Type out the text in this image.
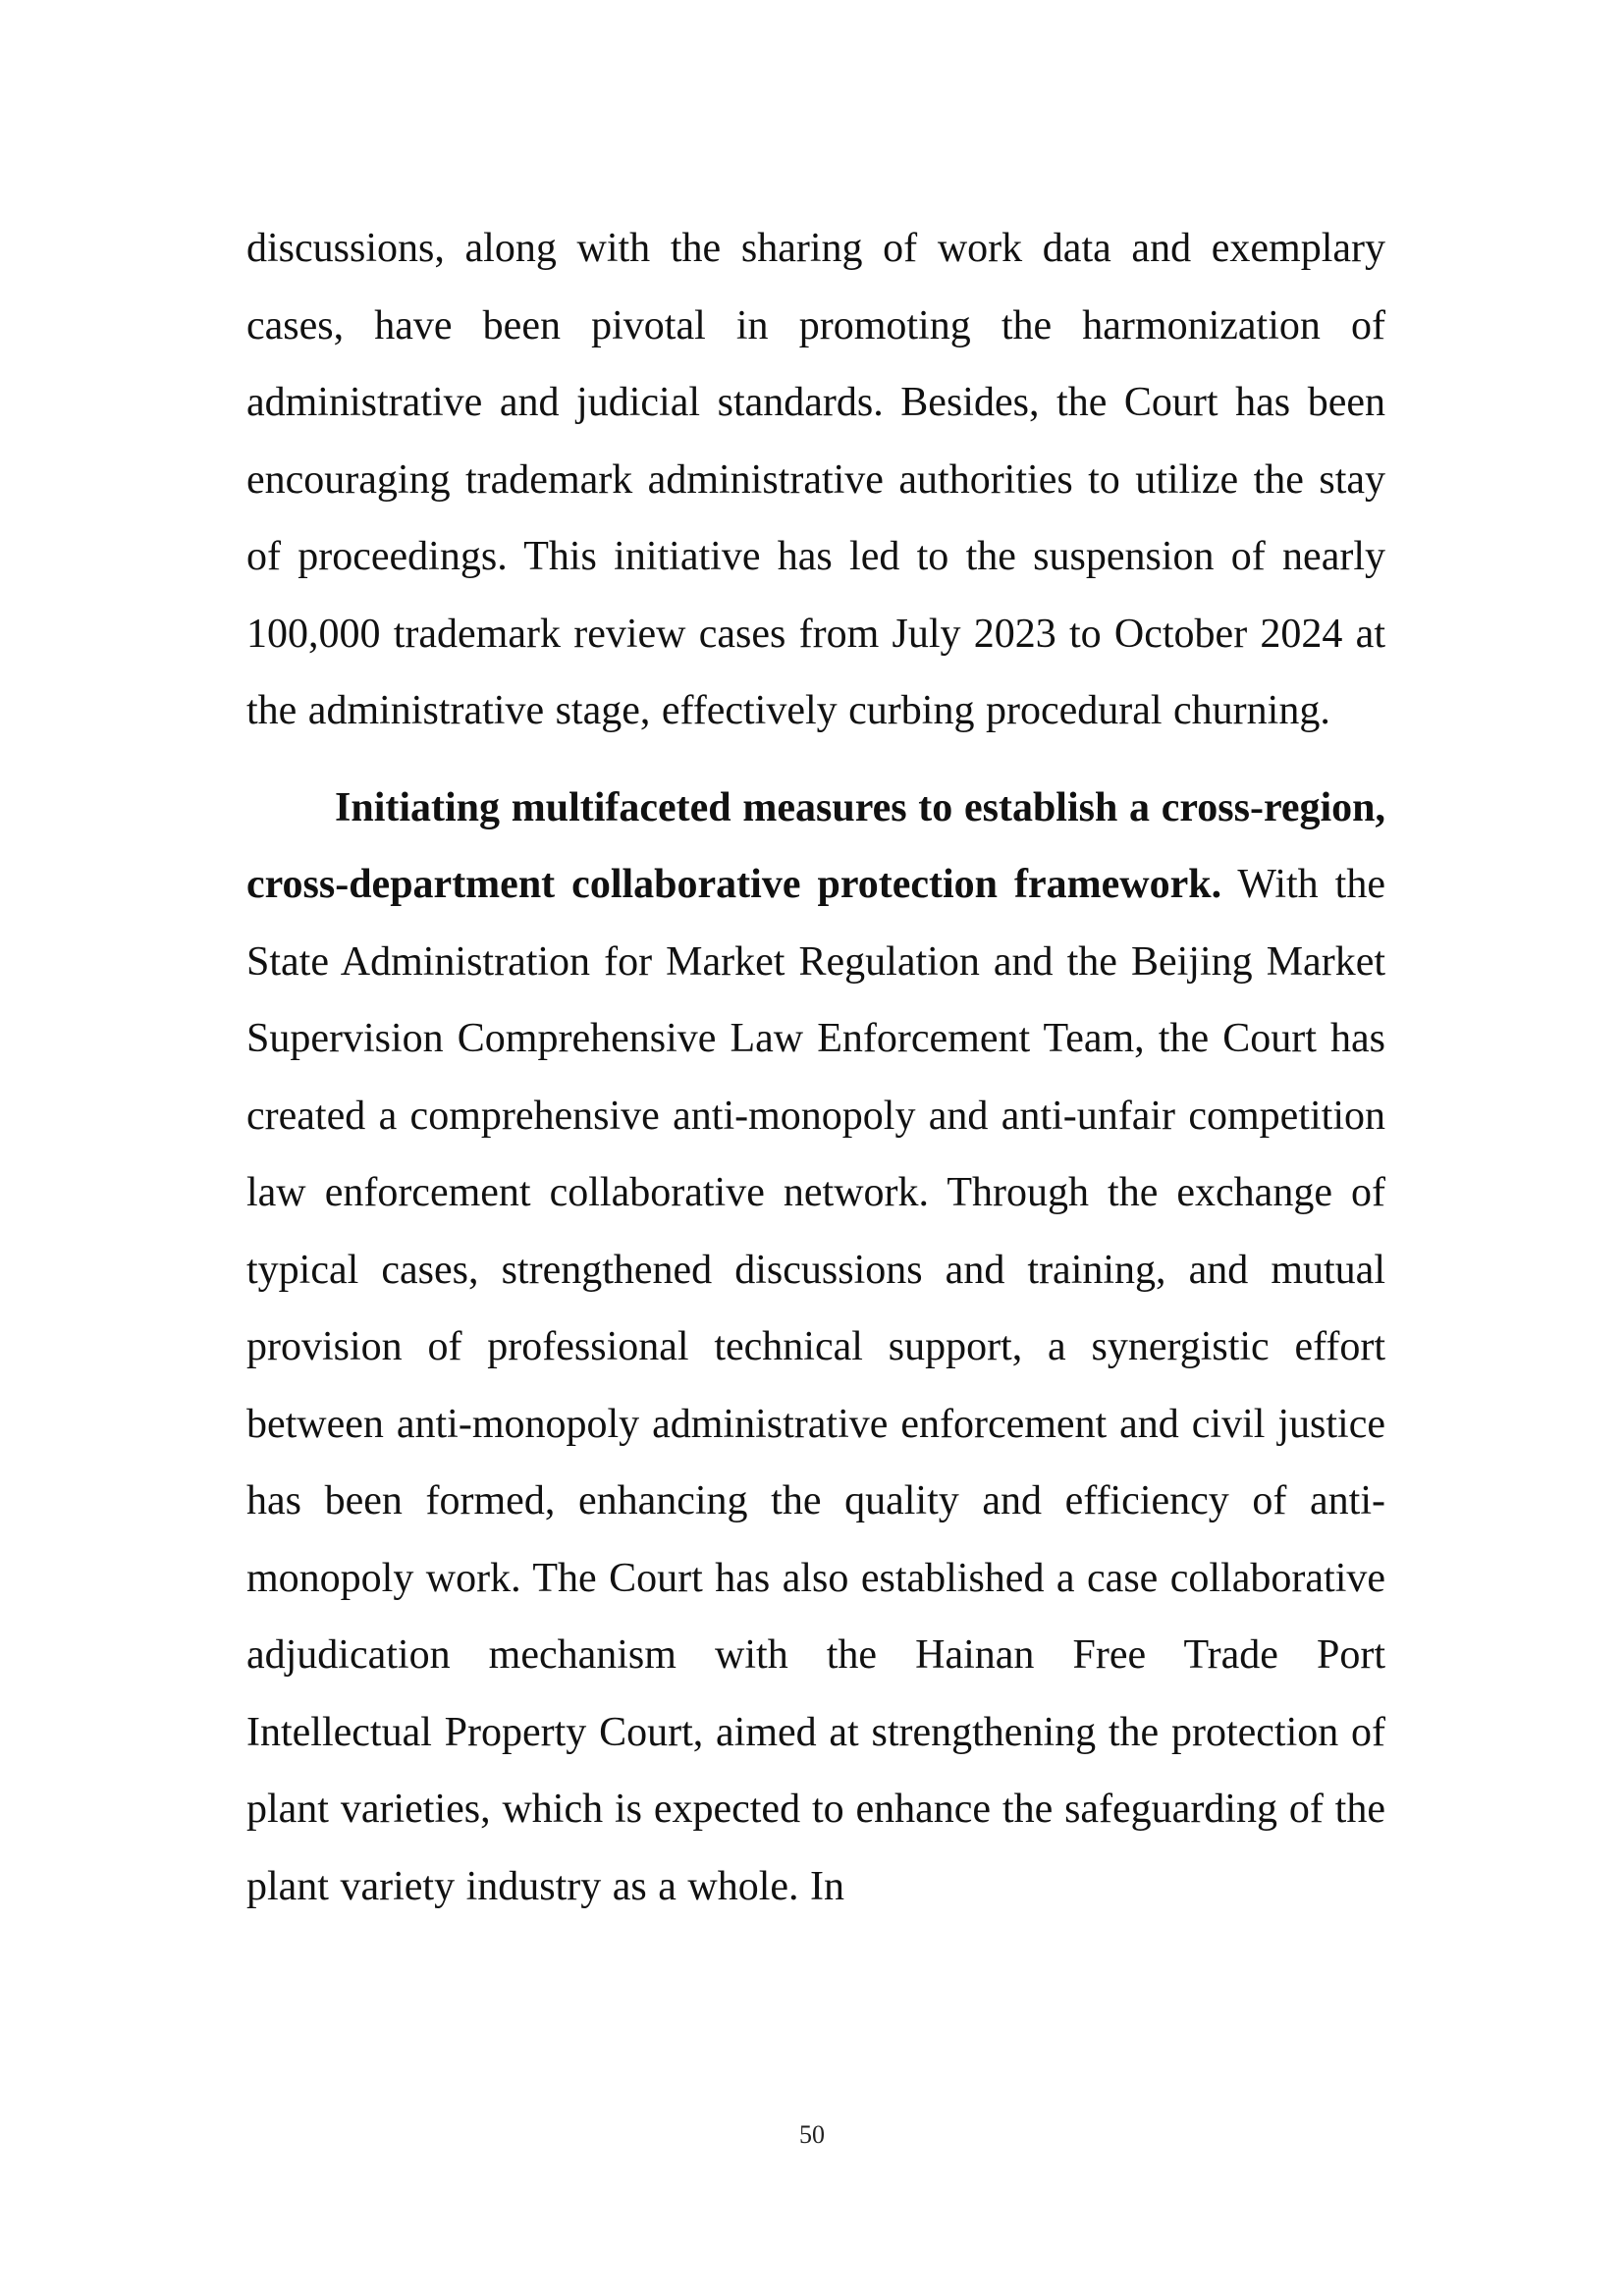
discussions, along with the sharing of work data and exemplary cases, have been pivotal in promoting the harmonization of administrative and judicial standards. Besides, the Court has been encouraging trademark administrative authorities to utilize the stay of proceedings. This initiative has led to the suspension of nearly 100,000 trademark review cases from July 2023 to October 2024 at the administrative stage, effectively curbing procedural churning.

Initiating multifaceted measures to establish a cross-region, cross-department collaborative protection framework. With the State Administration for Market Regulation and the Beijing Market Supervision Comprehensive Law Enforcement Team, the Court has created a comprehensive anti-monopoly and anti-unfair competition law enforcement collaborative network. Through the exchange of typical cases, strengthened discussions and training, and mutual provision of professional technical support, a synergistic effort between anti-monopoly administrative enforcement and civil justice has been formed, enhancing the quality and efficiency of anti-monopoly work. The Court has also established a case collaborative adjudication mechanism with the Hainan Free Trade Port Intellectual Property Court, aimed at strengthening the protection of plant varieties, which is expected to enhance the safeguarding of the plant variety industry as a whole. In

50
